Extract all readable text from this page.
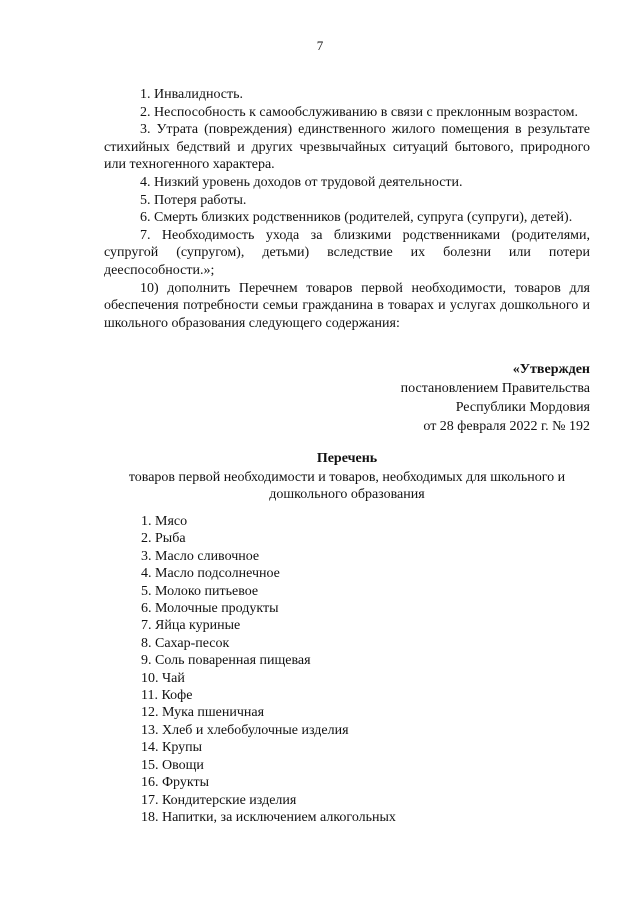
7

1. Инвалидность.

2. Неспособность к самообслуживанию в связи с преклонным возрастом.

3. Утрата (повреждения) единственного жилого помещения в результате стихийных бедствий и других чрезвычайных ситуаций бытового, природного или техногенного характера.

4. Низкий уровень доходов от трудовой деятельности.

5. Потеря работы.

6. Смерть близких родственников (родителей, супруга (супруги), детей).

7. Необходимость ухода за близкими родственниками (родителями, супругой (супругом), детьми) вследствие их болезни или потери дееспособности.»;

10) дополнить Перечнем товаров первой необходимости, товаров для обеспечения потребности семьи гражданина в товарах и услугах дошкольного и школьного образования следующего содержания:

«Утвержден
постановлением Правительства
Республики Мордовия
от 28 февраля 2022 г. № 192
Перечень
товаров первой необходимости и товаров, необходимых для школьного и дошкольного образования
1. Мясо
2. Рыба
3. Масло сливочное
4. Масло подсолнечное
5. Молоко питьевое
6. Молочные продукты
7. Яйца куриные
8. Сахар-песок
9. Соль поваренная пищевая
10. Чай
11. Кофе
12. Мука пшеничная
13. Хлеб и хлебобулочные изделия
14. Крупы
15. Овощи
16. Фрукты
17. Кондитерские изделия
18. Напитки, за исключением алкогольных
